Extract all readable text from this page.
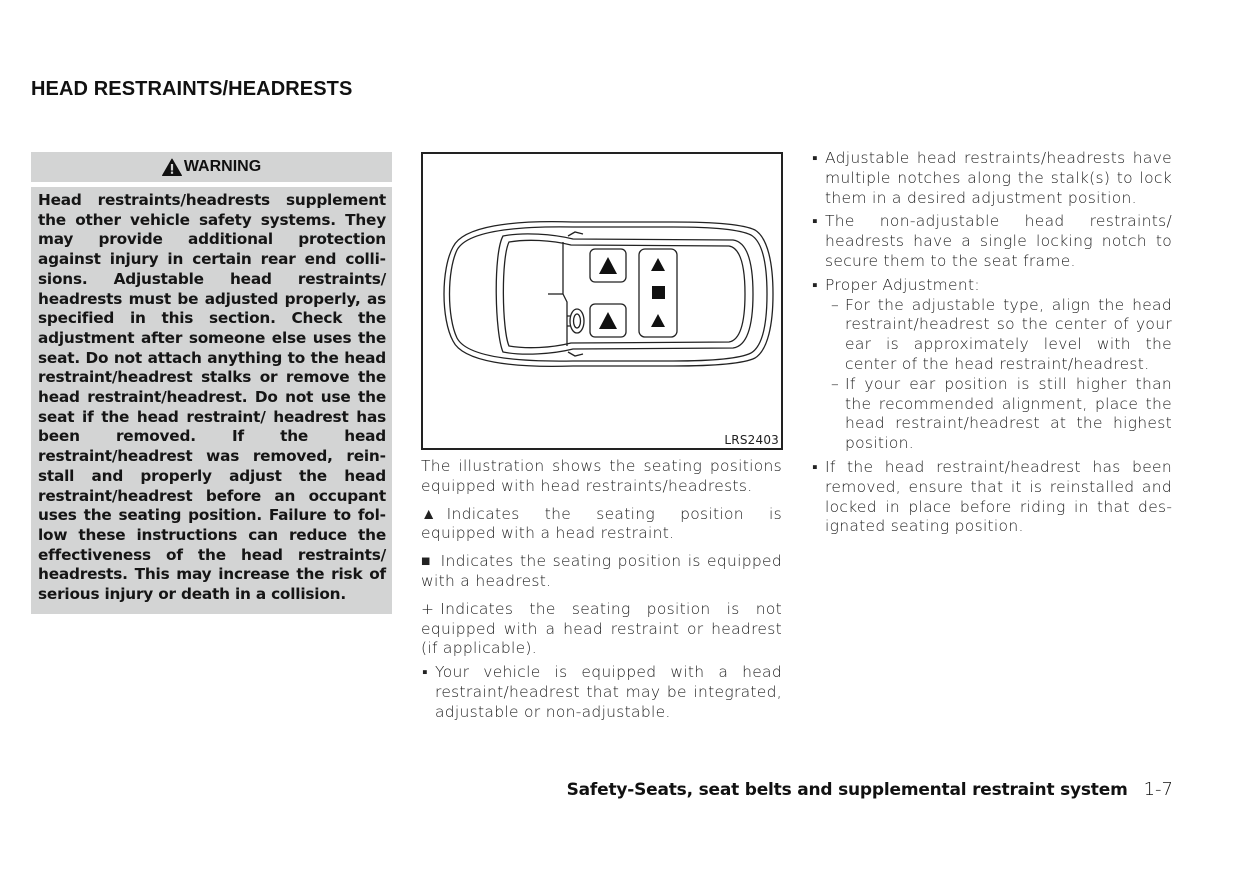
HEAD RESTRAINTS/HEADRESTS
WARNING

Head restraints/headrests supplement the other vehicle safety systems. They may provide additional protection against injury in certain rear end collisions. Adjustable head restraints/ headrests must be adjusted properly, as specified in this section. Check the adjustment after someone else uses the seat. Do not attach anything to the head restraint/headrest stalks or remove the head restraint/headrest. Do not use the seat if the head restraint/ headrest has been removed. If the head restraint/headrest was removed, reinstall and properly adjust the head restraint/headrest before an occupant uses the seating position. Failure to follow these instructions can reduce the effectiveness of the head restraints/ headrests. This may increase the risk of serious injury or death in a collision.

LRS2403

The illustration shows the seating positions equipped with head restraints/headrests.

▲ Indicates the seating position is equipped with a head restraint.

■ Indicates the seating position is equipped with a headrest.

+ Indicates the seating position is not equipped with a head restraint or headrest (if applicable).

▪ Your vehicle is equipped with a head restraint/headrest that may be integrated, adjustable or non-adjustable.

▪ Adjustable head restraints/headrests have multiple notches along the stalk(s) to lock them in a desired adjustment position.

▪ The non-adjustable head restraints/ headrests have a single locking notch to secure them to the seat frame.

▪ Proper Adjustment:

– For the adjustable type, align the head restraint/headrest so the center of your ear is approximately level with the center of the head restraint/headrest.

– If your ear position is still higher than the recommended alignment, place the head restraint/headrest at the highest position.

▪ If the head restraint/headrest has been removed, ensure that it is reinstalled and locked in place before riding in that designated seating position.

Safety-Seats, seat belts and supplemental restraint system 1-7
